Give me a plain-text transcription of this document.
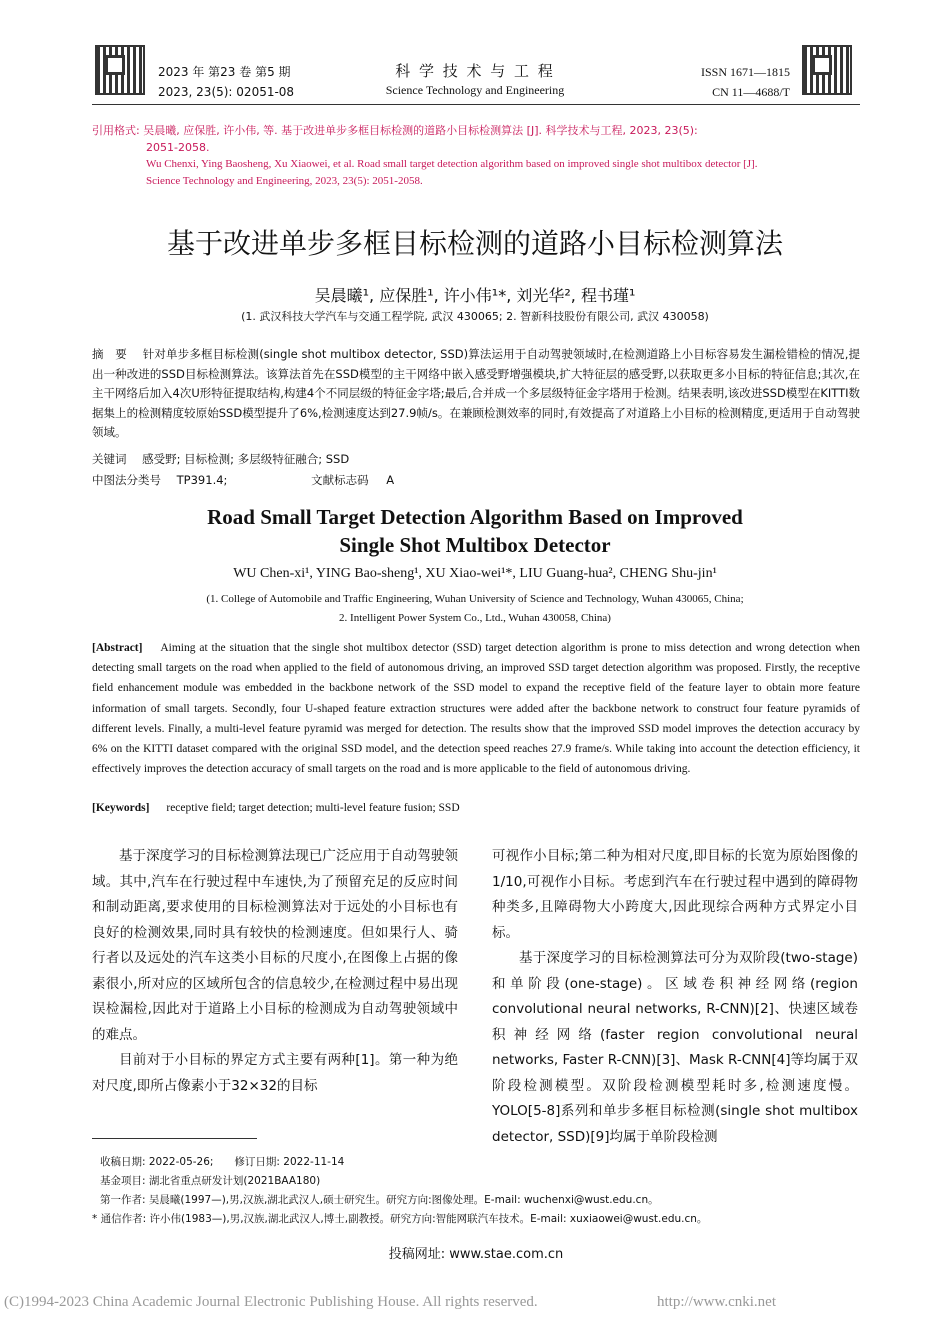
2023 年 第23 卷 第5 期
2023, 23(5): 02051-08
科 学 技 术 与 工 程
Science Technology and Engineering
ISSN 1671—1815
CN 11—4688/T
引用格式: 吴晨曦, 应保胜, 许小伟, 等. 基于改进单步多框目标检测的道路小目标检测算法 [J]. 科学技术与工程, 2023, 23(5):
2051-2058.
Wu Chenxi, Ying Baosheng, Xu Xiaowei, et al. Road small target detection algorithm based on improved single shot multibox detector [J].
Science Technology and Engineering, 2023, 23(5): 2051-2058.
基于改进单步多框目标检测的道路小目标检测算法
吴晨曦¹, 应保胜¹, 许小伟¹*, 刘光华², 程书瑾¹
(1. 武汉科技大学汽车与交通工程学院, 武汉 430065; 2. 智新科技股份有限公司, 武汉 430058)
摘　要 针对单步多框目标检测(single shot multibox detector, SSD)算法运用于自动驾驶领域时,在检测道路上小目标容易发生漏检错检的情况,提出一种改进的SSD目标检测算法。该算法首先在SSD模型的主干网络中嵌入感受野增强模块,扩大特征层的感受野,以获取更多小目标的特征信息;其次,在主干网络后加入4次U形特征提取结构,构建4个不同层级的特征金字塔;最后,合并成一个多层级特征金字塔用于检测。结果表明,该改进SSD模型在KITTI数据集上的检测精度较原始SSD模型提升了6%,检测速度达到27.9帧/s。在兼顾检测效率的同时,有效提高了对道路上小目标的检测精度,更适用于自动驾驶领域。
关键词 感受野; 目标检测; 多层级特征融合; SSD
中图法分类号 TP391.4;	文献标志码 A
Road Small Target Detection Algorithm Based on Improved
Single Shot Multibox Detector
WU Chen-xi¹, YING Bao-sheng¹, XU Xiao-wei¹*, LIU Guang-hua², CHENG Shu-jin¹
(1. College of Automobile and Traffic Engineering, Wuhan University of Science and Technology, Wuhan 430065, China;
2. Intelligent Power System Co., Ltd., Wuhan 430058, China)
[Abstract] Aiming at the situation that the single shot multibox detector (SSD) target detection algorithm is prone to miss detection and wrong detection when detecting small targets on the road when applied to the field of autonomous driving, an improved SSD target detection algorithm was proposed. Firstly, the receptive field enhancement module was embedded in the backbone network of the SSD model to expand the receptive field of the feature layer to obtain more feature information of small targets. Secondly, four U-shaped feature extraction structures were added after the backbone network to construct four feature pyramids of different levels. Finally, a multi-level feature pyramid was merged for detection. The results show that the improved SSD model improves the detection accuracy by 6% on the KITTI dataset compared with the original SSD model, and the detection speed reaches 27.9 frame/s. While taking into account the detection efficiency, it effectively improves the detection accuracy of small targets on the road and is more applicable to the field of autonomous driving.
[Keywords] receptive field; target detection; multi-level feature fusion; SSD
基于深度学习的目标检测算法现已广泛应用于自动驾驶领域。其中,汽车在行驶过程中车速快,为了预留充足的反应时间和制动距离,要求使用的目标检测算法对于远处的小目标也有良好的检测效果,同时具有较快的检测速度。但如果行人、骑行者以及远处的汽车这类小目标的尺度小,在图像上占据的像素很小,所对应的区域所包含的信息较少,在检测过程中易出现误检漏检,因此对于道路上小目标的检测成为自动驾驶领域中的难点。
目前对于小目标的界定方式主要有两种[1]。第一种为绝对尺度,即所占像素小于32×32的目标
可视作小目标;第二种为相对尺度,即目标的长宽为原始图像的1/10,可视作小目标。考虑到汽车在行驶过程中遇到的障碍物种类多,且障碍物大小跨度大,因此现综合两种方式界定小目标。
基于深度学习的目标检测算法可分为双阶段(two-stage)和单阶段(one-stage)。区域卷积神经网络(region convolutional neural networks, R-CNN)[2]、快速区域卷积神经网络(faster region convolutional neural networks, Faster R-CNN)[3]、Mask R-CNN[4]等均属于双阶段检测模型。双阶段检测模型耗时多,检测速度慢。YOLO[5-8]系列和单步多框目标检测(single shot multibox detector, SSD)[9]均属于单阶段检测
收稿日期: 2022-05-26;　　修订日期: 2022-11-14
基金项目: 湖北省重点研发计划(2021BAA180)
第一作者: 吴晨曦(1997—),男,汉族,湖北武汉人,硕士研究生。研究方向:图像处理。E-mail: wuchenxi@wust.edu.cn。
* 通信作者: 许小伟(1983—),男,汉族,湖北武汉人,博士,副教授。研究方向:智能网联汽车技术。E-mail: xuxiaowei@wust.edu.cn。
投稿网址: www.stae.com.cn
(C)1994-2023 China Academic Journal Electronic Publishing House. All rights reserved.	http://www.cnki.net
